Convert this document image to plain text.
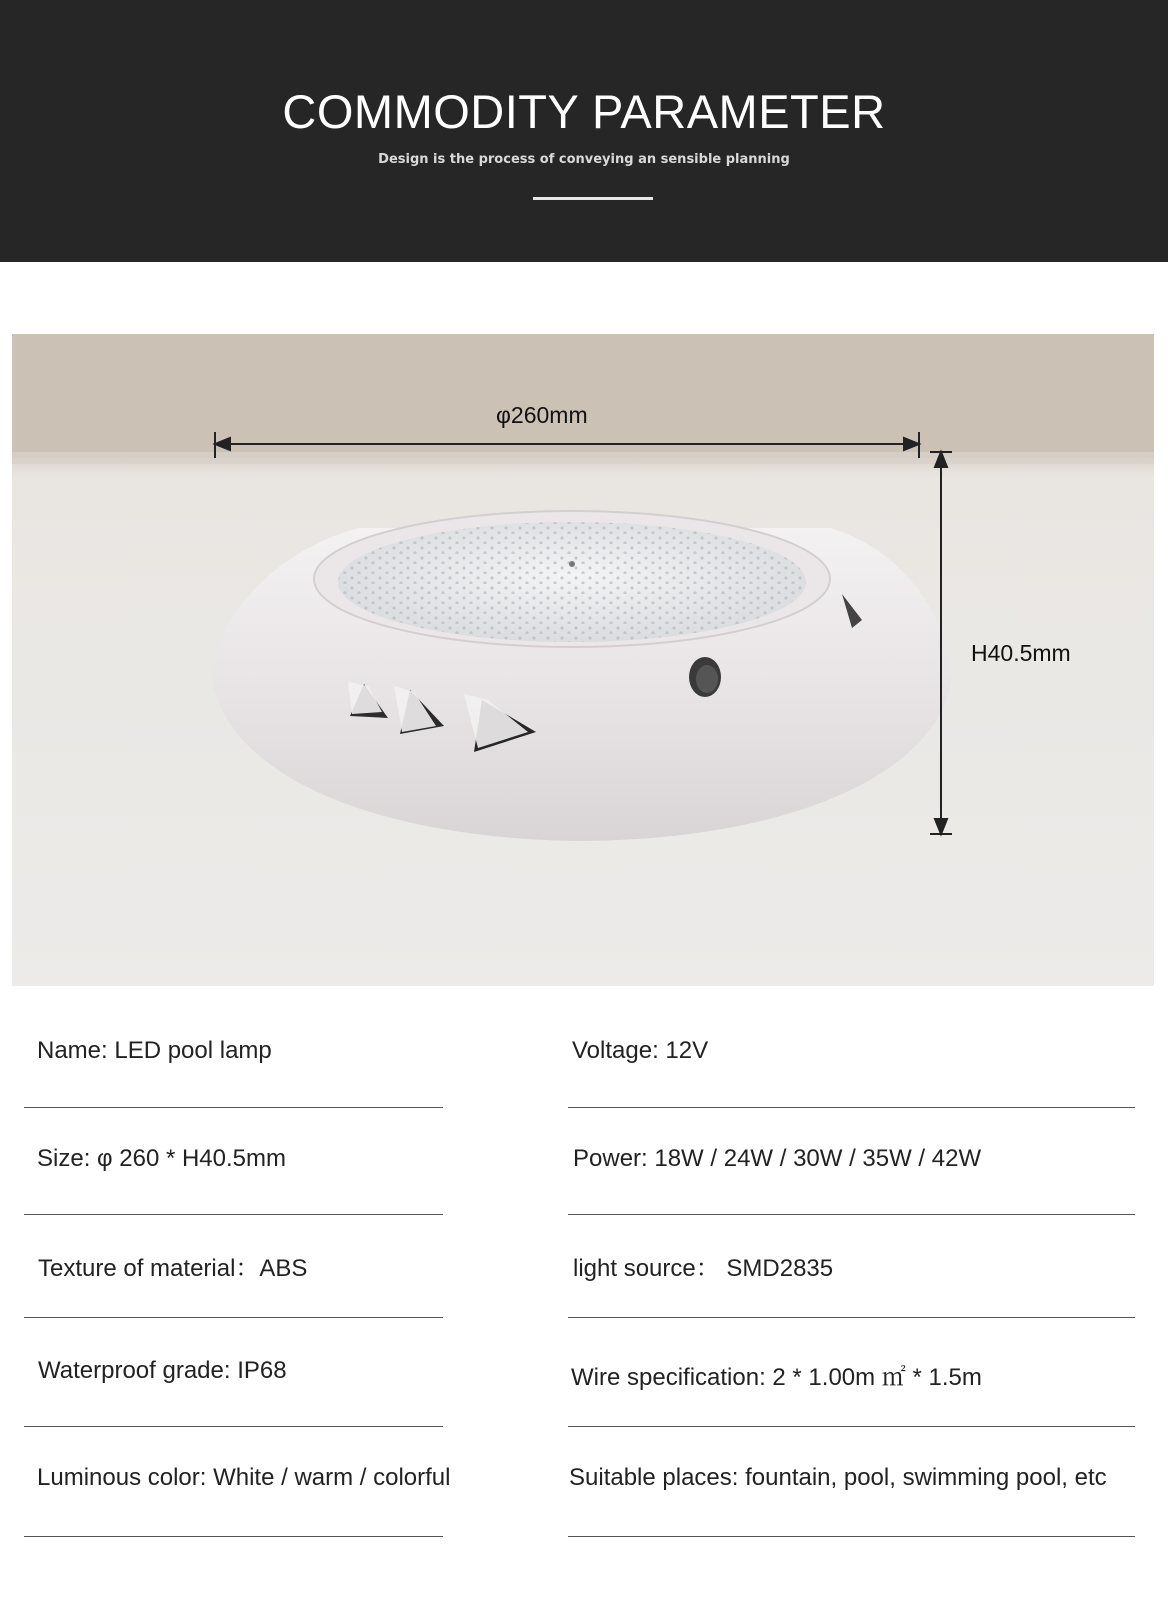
COMMODITY PARAMETER
Design is the process of conveying an sensible planning
φ260mm
H40.5mm
Name: LED pool lamp	Voltage: 12V
Size: φ 260 * H40.5mm	Power: 18W / 24W / 30W / 35W / 42W
Texture of material：ABS	light source： SMD2835
Waterproof grade: IP68	Wire specification: 2 * 1.00m ㎡ * 1.5m
Luminous color: White / warm / colorful	Suitable places: fountain, pool, swimming pool, etc
